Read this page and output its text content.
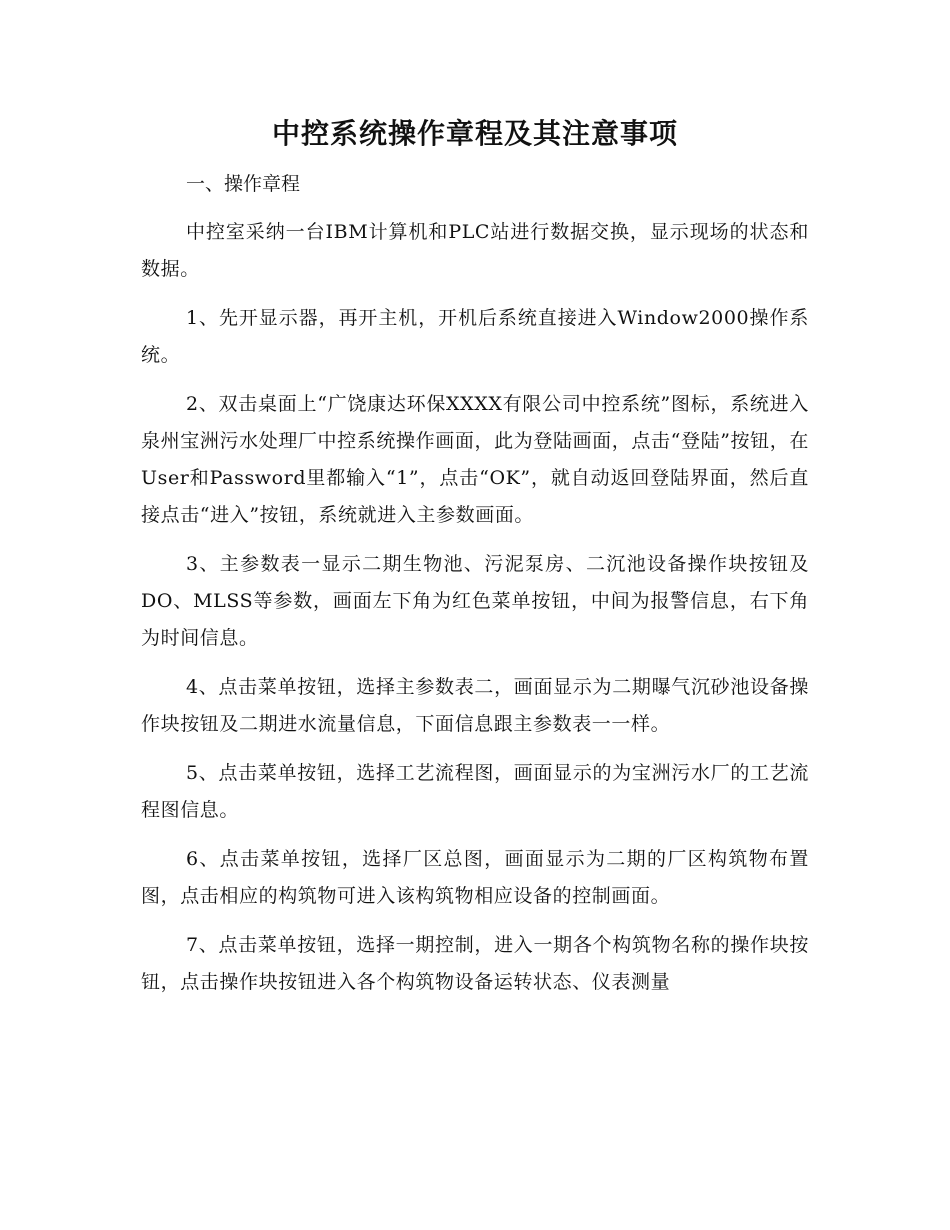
中控系统操作章程及其注意事项

一、操作章程

中控室采纳一台IBM计算机和PLC站进行数据交换，显示现场的状态和数据。

1、先开显示器，再开主机，开机后系统直接进入Window2000操作系统。

2、双击桌面上“广饶康达环保XXXX有限公司中控系统”图标，系统进入泉州宝洲污水处理厂中控系统操作画面，此为登陆画面，点击“登陆”按钮，在User和Password里都输入“1”，点击“OK”，就自动返回登陆界面，然后直接点击“进入”按钮，系统就进入主参数画面。

3、主参数表一显示二期生物池、污泥泵房、二沉池设备操作块按钮及DO、MLSS等参数，画面左下角为红色菜单按钮，中间为报警信息，右下角为时间信息。

4、点击菜单按钮，选择主参数表二，画面显示为二期曝气沉砂池设备操作块按钮及二期进水流量信息，下面信息跟主参数表一一样。

5、点击菜单按钮，选择工艺流程图，画面显示的为宝洲污水厂的工艺流程图信息。

6、点击菜单按钮，选择厂区总图，画面显示为二期的厂区构筑物布置图，点击相应的构筑物可进入该构筑物相应设备的控制画面。

7、点击菜单按钮，选择一期控制，进入一期各个构筑物名称的操作块按钮，点击操作块按钮进入各个构筑物设备运转状态、仪表测量
